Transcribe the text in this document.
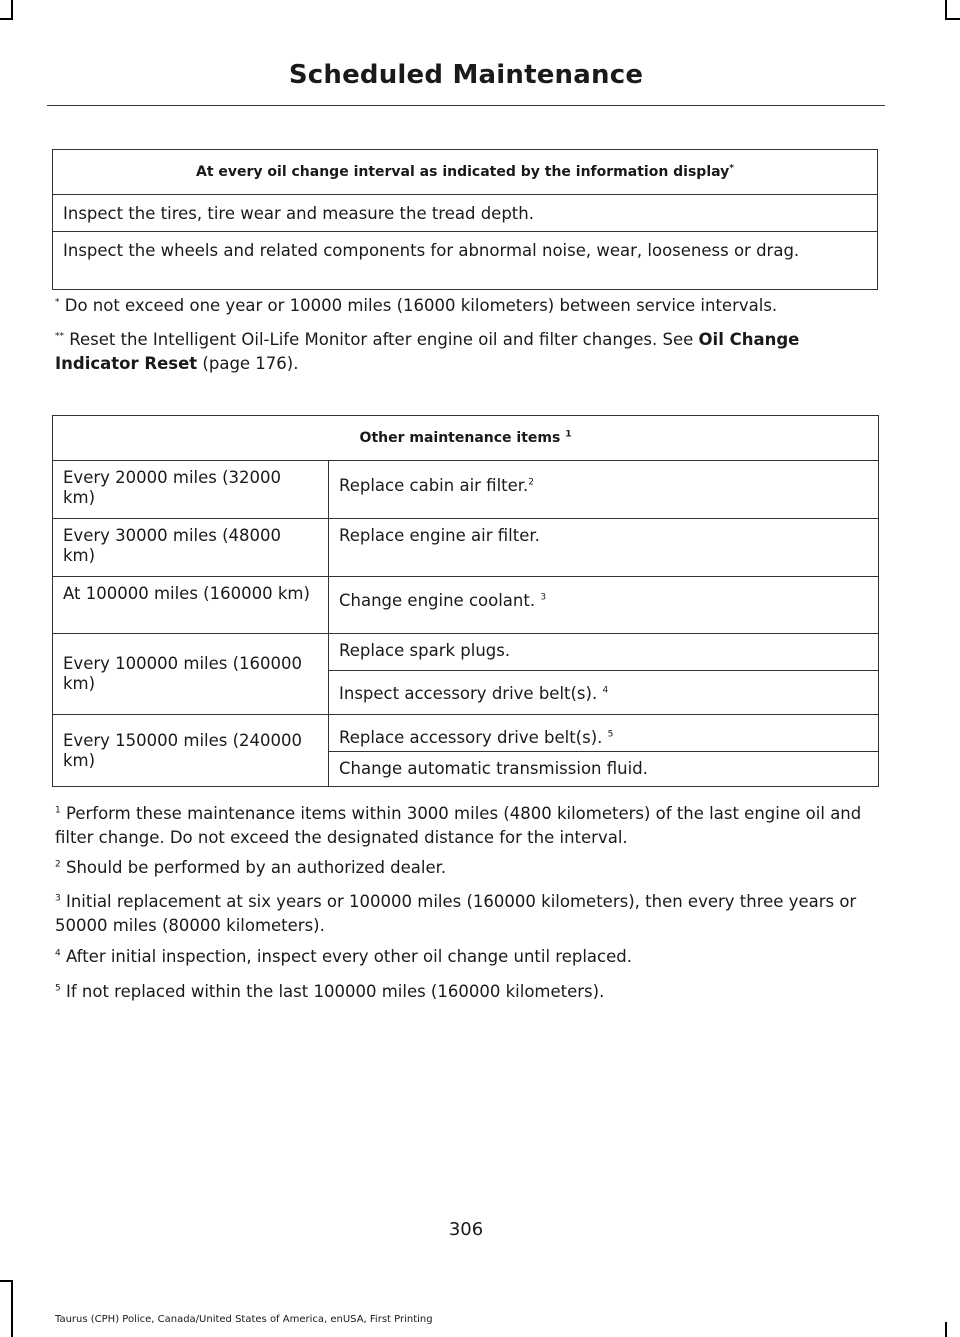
Scheduled Maintenance
At every oil change interval as indicated by the information display*
Inspect the tires, tire wear and measure the tread depth.
Inspect the wheels and related components for abnormal noise, wear, looseness or drag.

* Do not exceed one year or 10000 miles (16000 kilometers) between service intervals.

** Reset the Intelligent Oil-Life Monitor after engine oil and filter changes. See Oil Change Indicator Reset (page 176).

Other maintenance items $^1$
Every 20000 miles (32000 km)	Replace cabin air filter.$^2$
Every 30000 miles (48000 km)	Replace engine air filter.
At 100000 miles (160000 km)	Change engine coolant. $^3$
Every 100000 miles (160000 km)	Replace spark plugs.
	Inspect accessory drive belt(s). $^4$
Every 150000 miles (240000 km)	Replace accessory drive belt(s). $^5$
	Change automatic transmission fluid.

$^1$ Perform these maintenance items within 3000 miles (4800 kilometers) of the last engine oil and filter change. Do not exceed the designated distance for the interval.

$^2$ Should be performed by an authorized dealer.

$^3$ Initial replacement at six years or 100000 miles (160000 kilometers), then every three years or 50000 miles (80000 kilometers).

$^4$ After initial inspection, inspect every other oil change until replaced.

$^5$ If not replaced within the last 100000 miles (160000 kilometers).

306
Taurus (CPH) Police, Canada/United States of America, enUSA, First Printing
